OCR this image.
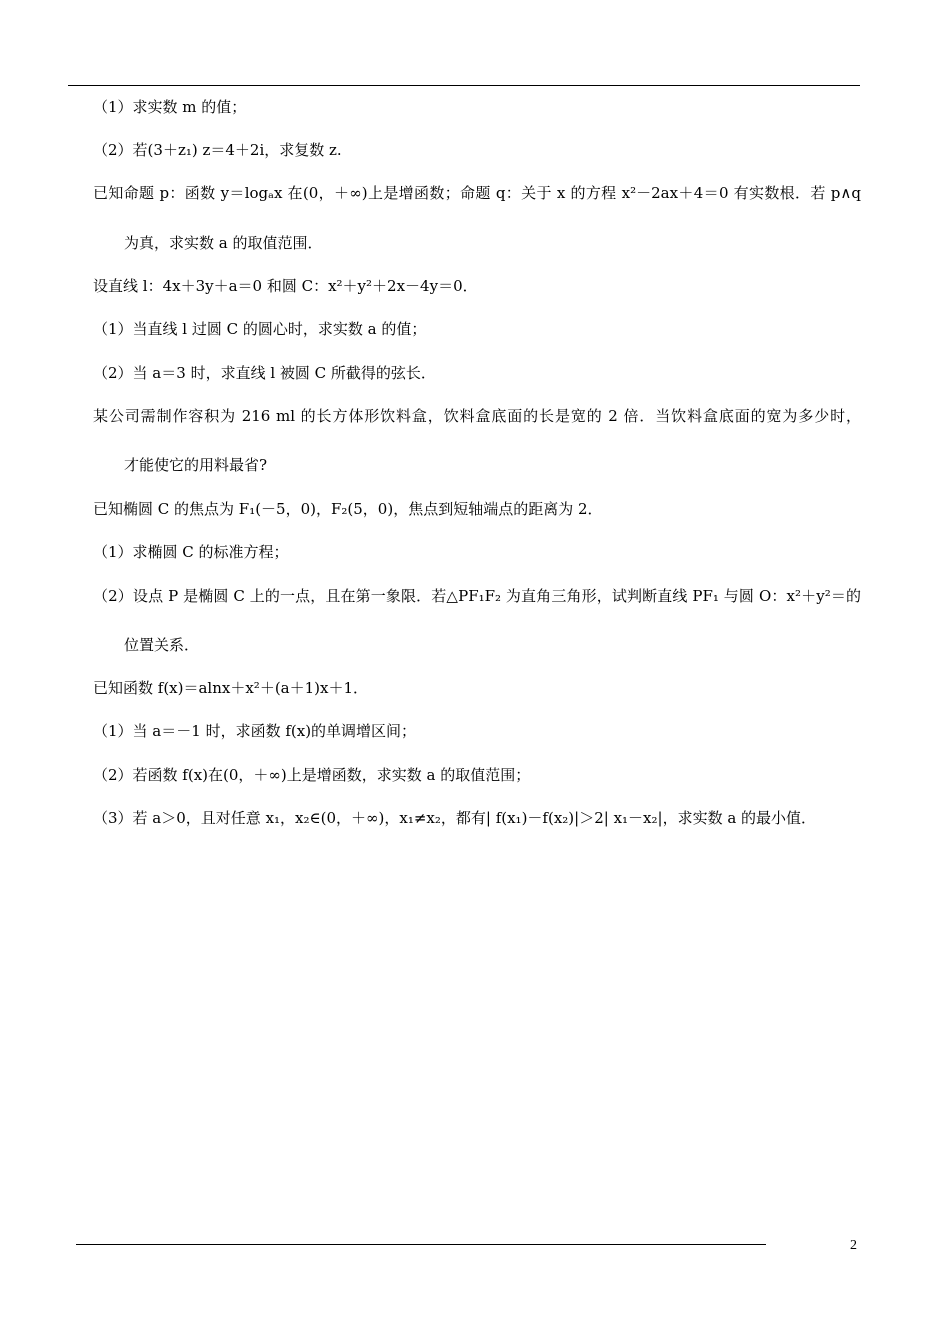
（1）求实数 m 的值；
（2）若(3＋z₁) z＝4＋2i，求复数 z.
已知命题 p：函数 y＝logₐx 在(0，＋∞)上是增函数；命题 q：关于 x 的方程 x²－2ax＋4＝0 有实数根．若 p∧q
为真，求实数 a 的取值范围．
设直线 l：4x＋3y＋a＝0 和圆 C：x²＋y²＋2x－4y＝0．
（1）当直线 l 过圆 C 的圆心时，求实数 a 的值；
（2）当 a＝3 时，求直线 l 被圆 C 所截得的弦长．
某公司需制作容积为 216 ml 的长方体形饮料盒，饮料盒底面的长是宽的 2 倍．当饮料盒底面的宽为多少时，
才能使它的用料最省?
已知椭圆 C 的焦点为 F₁(－5，0)，F₂(5，0)，焦点到短轴端点的距离为 2．
（1）求椭圆 C 的标准方程；
（2）设点 P 是椭圆 C 上的一点，且在第一象限．若△PF₁F₂ 为直角三角形，试判断直线 PF₁ 与圆 O：x²＋y²＝的
位置关系．
已知函数 f(x)＝alnx＋x²＋(a＋1)x＋1．
（1）当 a＝－1 时，求函数 f(x)的单调增区间；
（2）若函数 f(x)在(0，＋∞)上是增函数，求实数 a 的取值范围；
（3）若 a＞0，且对任意 x₁，x₂∈(0，＋∞)，x₁≠x₂，都有| f(x₁)－f(x₂)|＞2| x₁－x₂|，求实数 a 的最小值．
2
